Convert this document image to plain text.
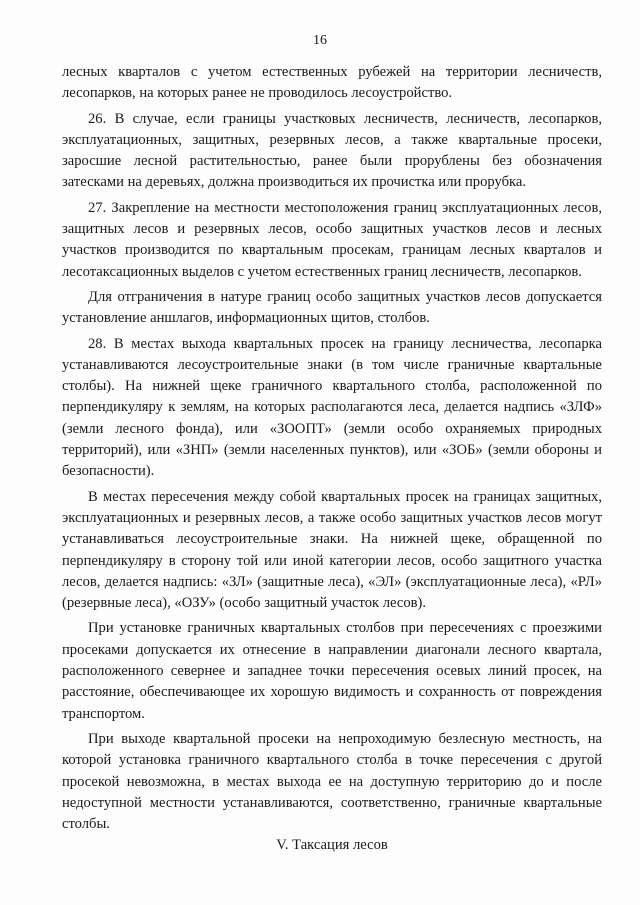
16

лесных кварталов с учетом естественных рубежей на территории лесничеств, лесопарков, на которых ранее не проводилось лесоустройство.

26. В случае, если границы участковых лесничеств, лесничеств, лесопарков, эксплуатационных, защитных, резервных лесов, а также квартальные просеки, заросшие лесной растительностью, ранее были прорублены без обозначения затесками на деревьях, должна производиться их прочистка или прорубка.

27. Закрепление на местности местоположения границ эксплуатационных лесов, защитных лесов и резервных лесов, особо защитных участков лесов и лесных участков производится по квартальным просекам, границам лесных кварталов и лесотаксационных выделов с учетом естественных границ лесничеств, лесопарков.

Для отграничения в натуре границ особо защитных участков лесов допускается установление аншлагов, информационных щитов, столбов.

28. В местах выхода квартальных просек на границу лесничества, лесопарка устанавливаются лесоустроительные знаки (в том числе граничные квартальные столбы). На нижней щеке граничного квартального столба, расположенной по перпендикуляру к землям, на которых располагаются леса, делается надпись «ЗЛФ» (земли лесного фонда), или «ЗООПТ» (земли особо охраняемых природных территорий), или «ЗНП» (земли населенных пунктов), или «ЗОБ» (земли обороны и безопасности).

В местах пересечения между собой квартальных просек на границах защитных, эксплуатационных и резервных лесов, а также особо защитных участков лесов могут устанавливаться лесоустроительные знаки. На нижней щеке, обращенной по перпендикуляру в сторону той или иной категории лесов, особо защитного участка лесов, делается надпись: «ЗЛ» (защитные леса), «ЭЛ» (эксплуатационные леса), «РЛ» (резервные леса), «ОЗУ» (особо защитный участок лесов).

При установке граничных квартальных столбов при пересечениях с проезжими просеками допускается их отнесение в направлении диагонали лесного квартала, расположенного севернее и западнее точки пересечения осевых линий просек, на расстояние, обеспечивающее их хорошую видимость и сохранность от повреждения транспортом.

При выходе квартальной просеки на непроходимую безлесную местность, на которой установка граничного квартального столба в точке пересечения с другой просекой невозможна, в местах выхода ее на доступную территорию до и после недоступной местности устанавливаются, соответственно, граничные квартальные столбы.

V. Таксация лесов
